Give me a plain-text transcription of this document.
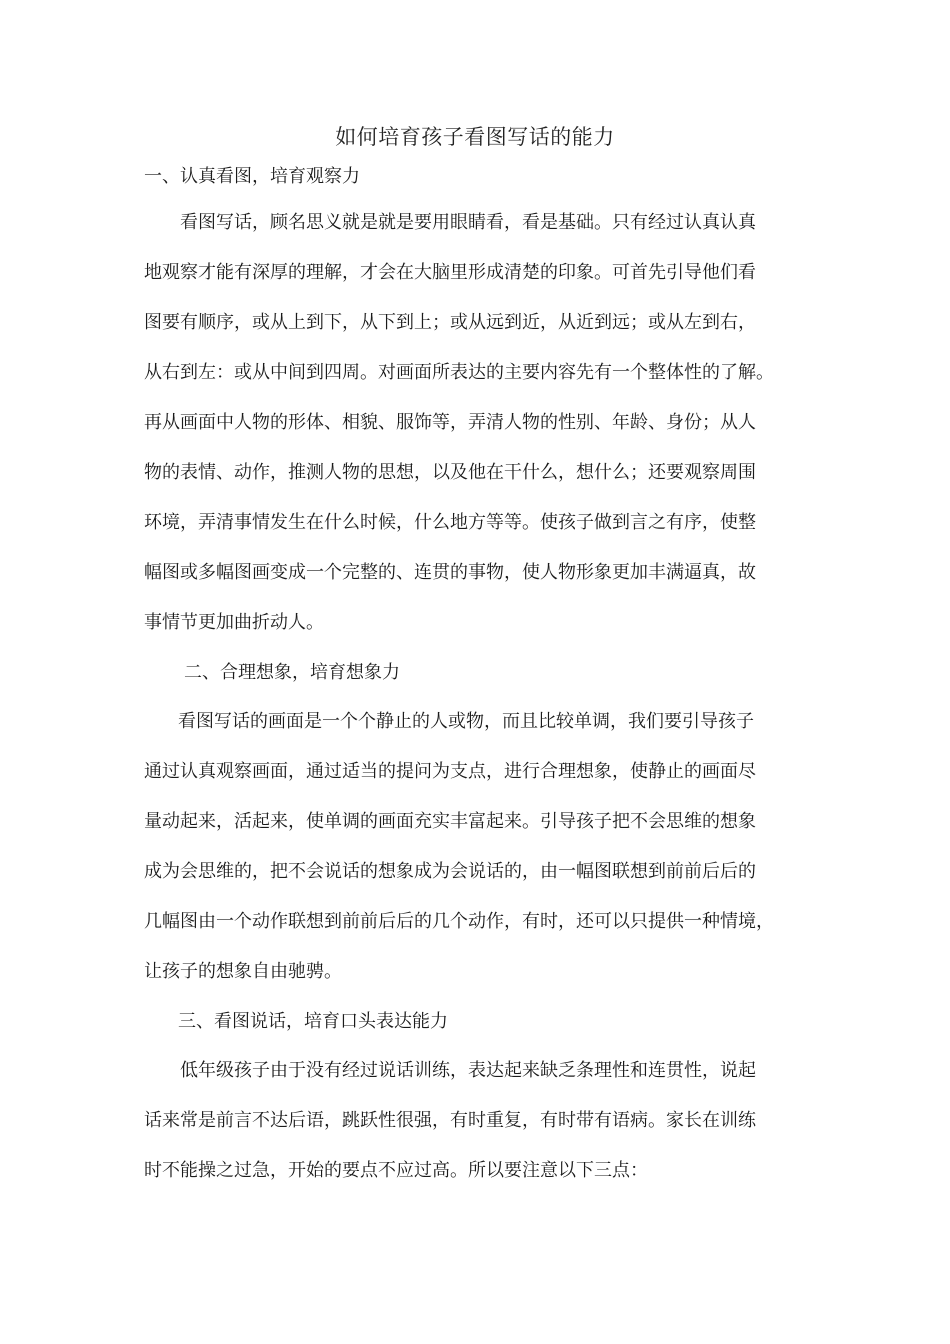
如何培育孩子看图写话的能力
一、认真看图，培育观察力
　看图写话，顾名思义就是就是要用眼睛看，看是基础。只有经过认真认真
地观察才能有深厚的理解，才会在大脑里形成清楚的印象。可首先引导他们看
图要有顺序，或从上到下，从下到上；或从远到近，从近到远；或从左到右，
从右到左：或从中间到四周。对画面所表达的主要内容先有一个整体性的了解。
再从画面中人物的形体、相貌、服饰等，弄清人物的性别、年龄、身份；从人
物的表情、动作，推测人物的思想，以及他在干什么，想什么；还要观察周围
环境，弄清事情发生在什么时候，什么地方等等。使孩子做到言之有序，使整
幅图或多幅图画变成一个完整的、连贯的事物，使人物形象更加丰满逼真，故
事情节更加曲折动人。
二、合理想象，培育想象力
看图写话的画面是一个个静止的人或物，而且比较单调，我们要引导孩子
通过认真观察画面，通过适当的提问为支点，进行合理想象，使静止的画面尽
量动起来，活起来，使单调的画面充实丰富起来。引导孩子把不会思维的想象
成为会思维的，把不会说话的想象成为会说话的，由一幅图联想到前前后后的
几幅图由一个动作联想到前前后后的几个动作，有时，还可以只提供一种情境，
让孩子的想象自由驰骋。
三、看图说话，培育口头表达能力
低年级孩子由于没有经过说话训练，表达起来缺乏条理性和连贯性，说起
话来常是前言不达后语，跳跃性很强，有时重复，有时带有语病。家长在训练
时不能操之过急，开始的要点不应过高。所以要注意以下三点：
